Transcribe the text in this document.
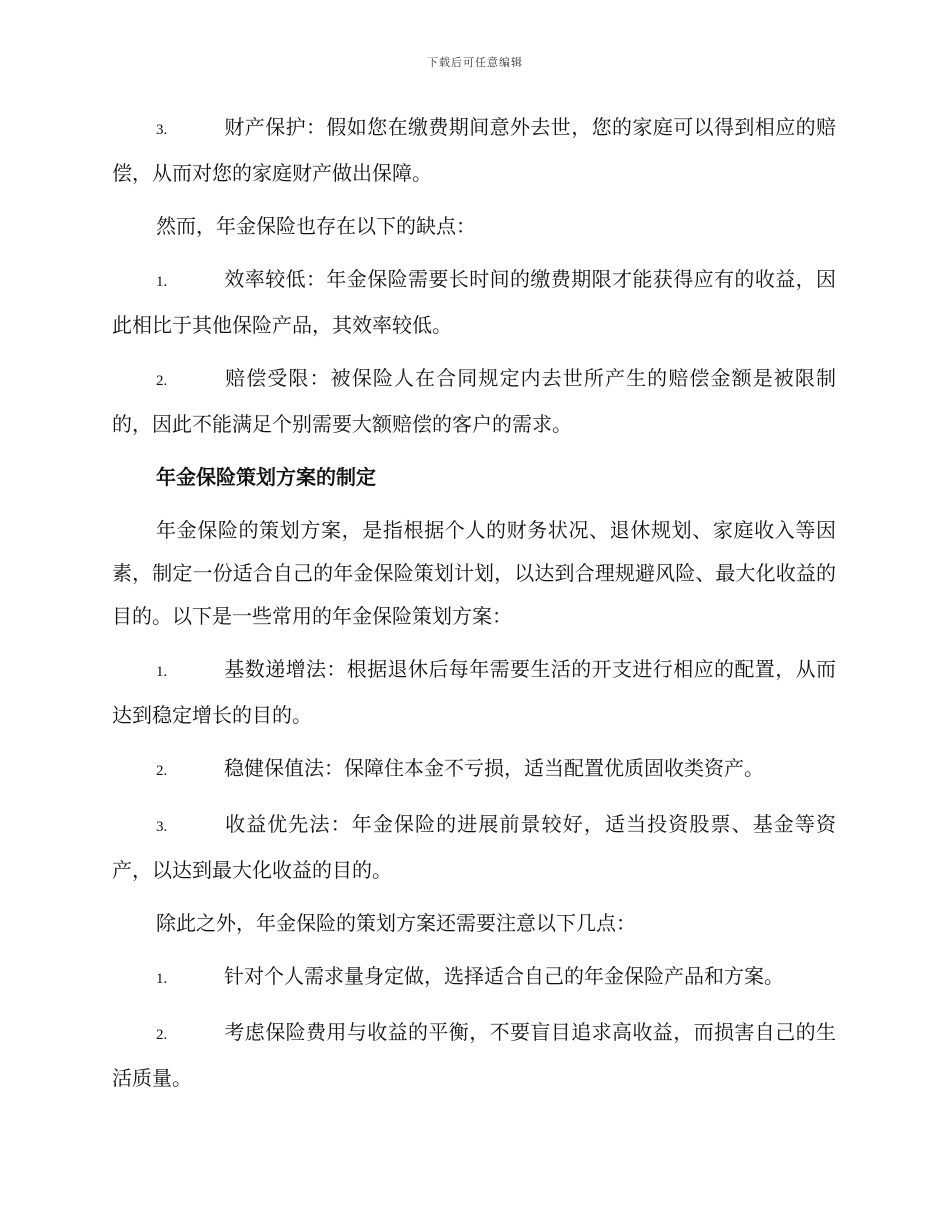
下载后可任意编辑

3.	财产保护：假如您在缴费期间意外去世，您的家庭可以得到相应的赔偿，从而对您的家庭财产做出保障。

然而，年金保险也存在以下的缺点：

1.	效率较低：年金保险需要长时间的缴费期限才能获得应有的收益，因此相比于其他保险产品，其效率较低。

2.	赔偿受限：被保险人在合同规定内去世所产生的赔偿金额是被限制的，因此不能满足个别需要大额赔偿的客户的需求。

年金保险策划方案的制定

年金保险的策划方案，是指根据个人的财务状况、退休规划、家庭收入等因素，制定一份适合自己的年金保险策划计划，以达到合理规避风险、最大化收益的目的。以下是一些常用的年金保险策划方案：

1.	基数递增法：根据退休后每年需要生活的开支进行相应的配置，从而达到稳定增长的目的。

2.	稳健保值法：保障住本金不亏损，适当配置优质固收类资产。

3.	收益优先法：年金保险的进展前景较好，适当投资股票、基金等资产，以达到最大化收益的目的。

除此之外，年金保险的策划方案还需要注意以下几点：

1.	针对个人需求量身定做，选择适合自己的年金保险产品和方案。

2.	考虑保险费用与收益的平衡，不要盲目追求高收益，而损害自己的生活质量。
